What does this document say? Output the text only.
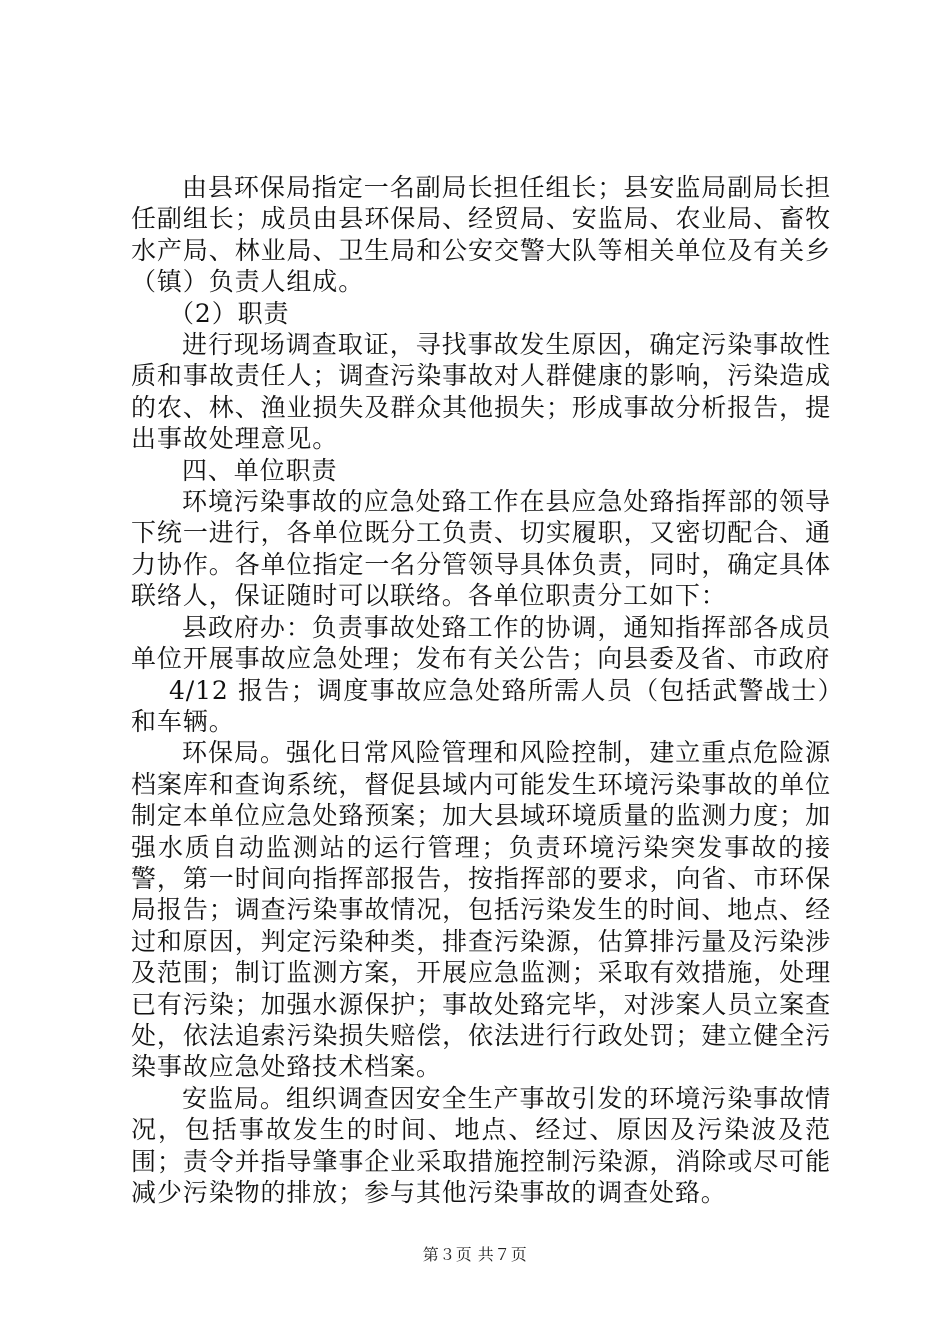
由县环保局指定一名副局长担任组长；县安监局副局长担任副组长；成员由县环保局、经贸局、安监局、农业局、畜牧水产局、林业局、卫生局和公安交警大队等相关单位及有关乡（镇）负责人组成。

（2）职责

进行现场调查取证，寻找事故发生原因，确定污染事故性质和事故责任人；调查污染事故对人群健康的影响，污染造成的农、林、渔业损失及群众其他损失；形成事故分析报告，提出事故处理意见。

四、单位职责

环境污染事故的应急处臵工作在县应急处臵指挥部的领导下统一进行，各单位既分工负责、切实履职，又密切配合、通力协作。各单位指定一名分管领导具体负责，同时，确定具体联络人，保证随时可以联络。各单位职责分工如下：

县政府办：负责事故处臵工作的协调，通知指挥部各成员单位开展事故应急处理；发布有关公告；向县委及省、市政府

4/12 报告；调度事故应急处臵所需人员（包括武警战士）和车辆。

环保局。强化日常风险管理和风险控制，建立重点危险源档案库和查询系统，督促县域内可能发生环境污染事故的单位制定本单位应急处臵预案；加大县域环境质量的监测力度；加强水质自动监测站的运行管理；负责环境污染突发事故的接警，第一时间向指挥部报告，按指挥部的要求，向省、市环保局报告；调查污染事故情况，包括污染发生的时间、地点、经过和原因，判定污染种类，排查污染源，估算排污量及污染涉及范围；制订监测方案，开展应急监测；采取有效措施，处理已有污染；加强水源保护；事故处臵完毕，对涉案人员立案查处，依法追索污染损失赔偿，依法进行行政处罚；建立健全污染事故应急处臵技术档案。

安监局。组织调查因安全生产事故引发的环境污染事故情况，包括事故发生的时间、地点、经过、原因及污染波及范围；责令并指导肇事企业采取措施控制污染源，消除或尽可能减少污染物的排放；参与其他污染事故的调查处臵。

第３页 共７页
